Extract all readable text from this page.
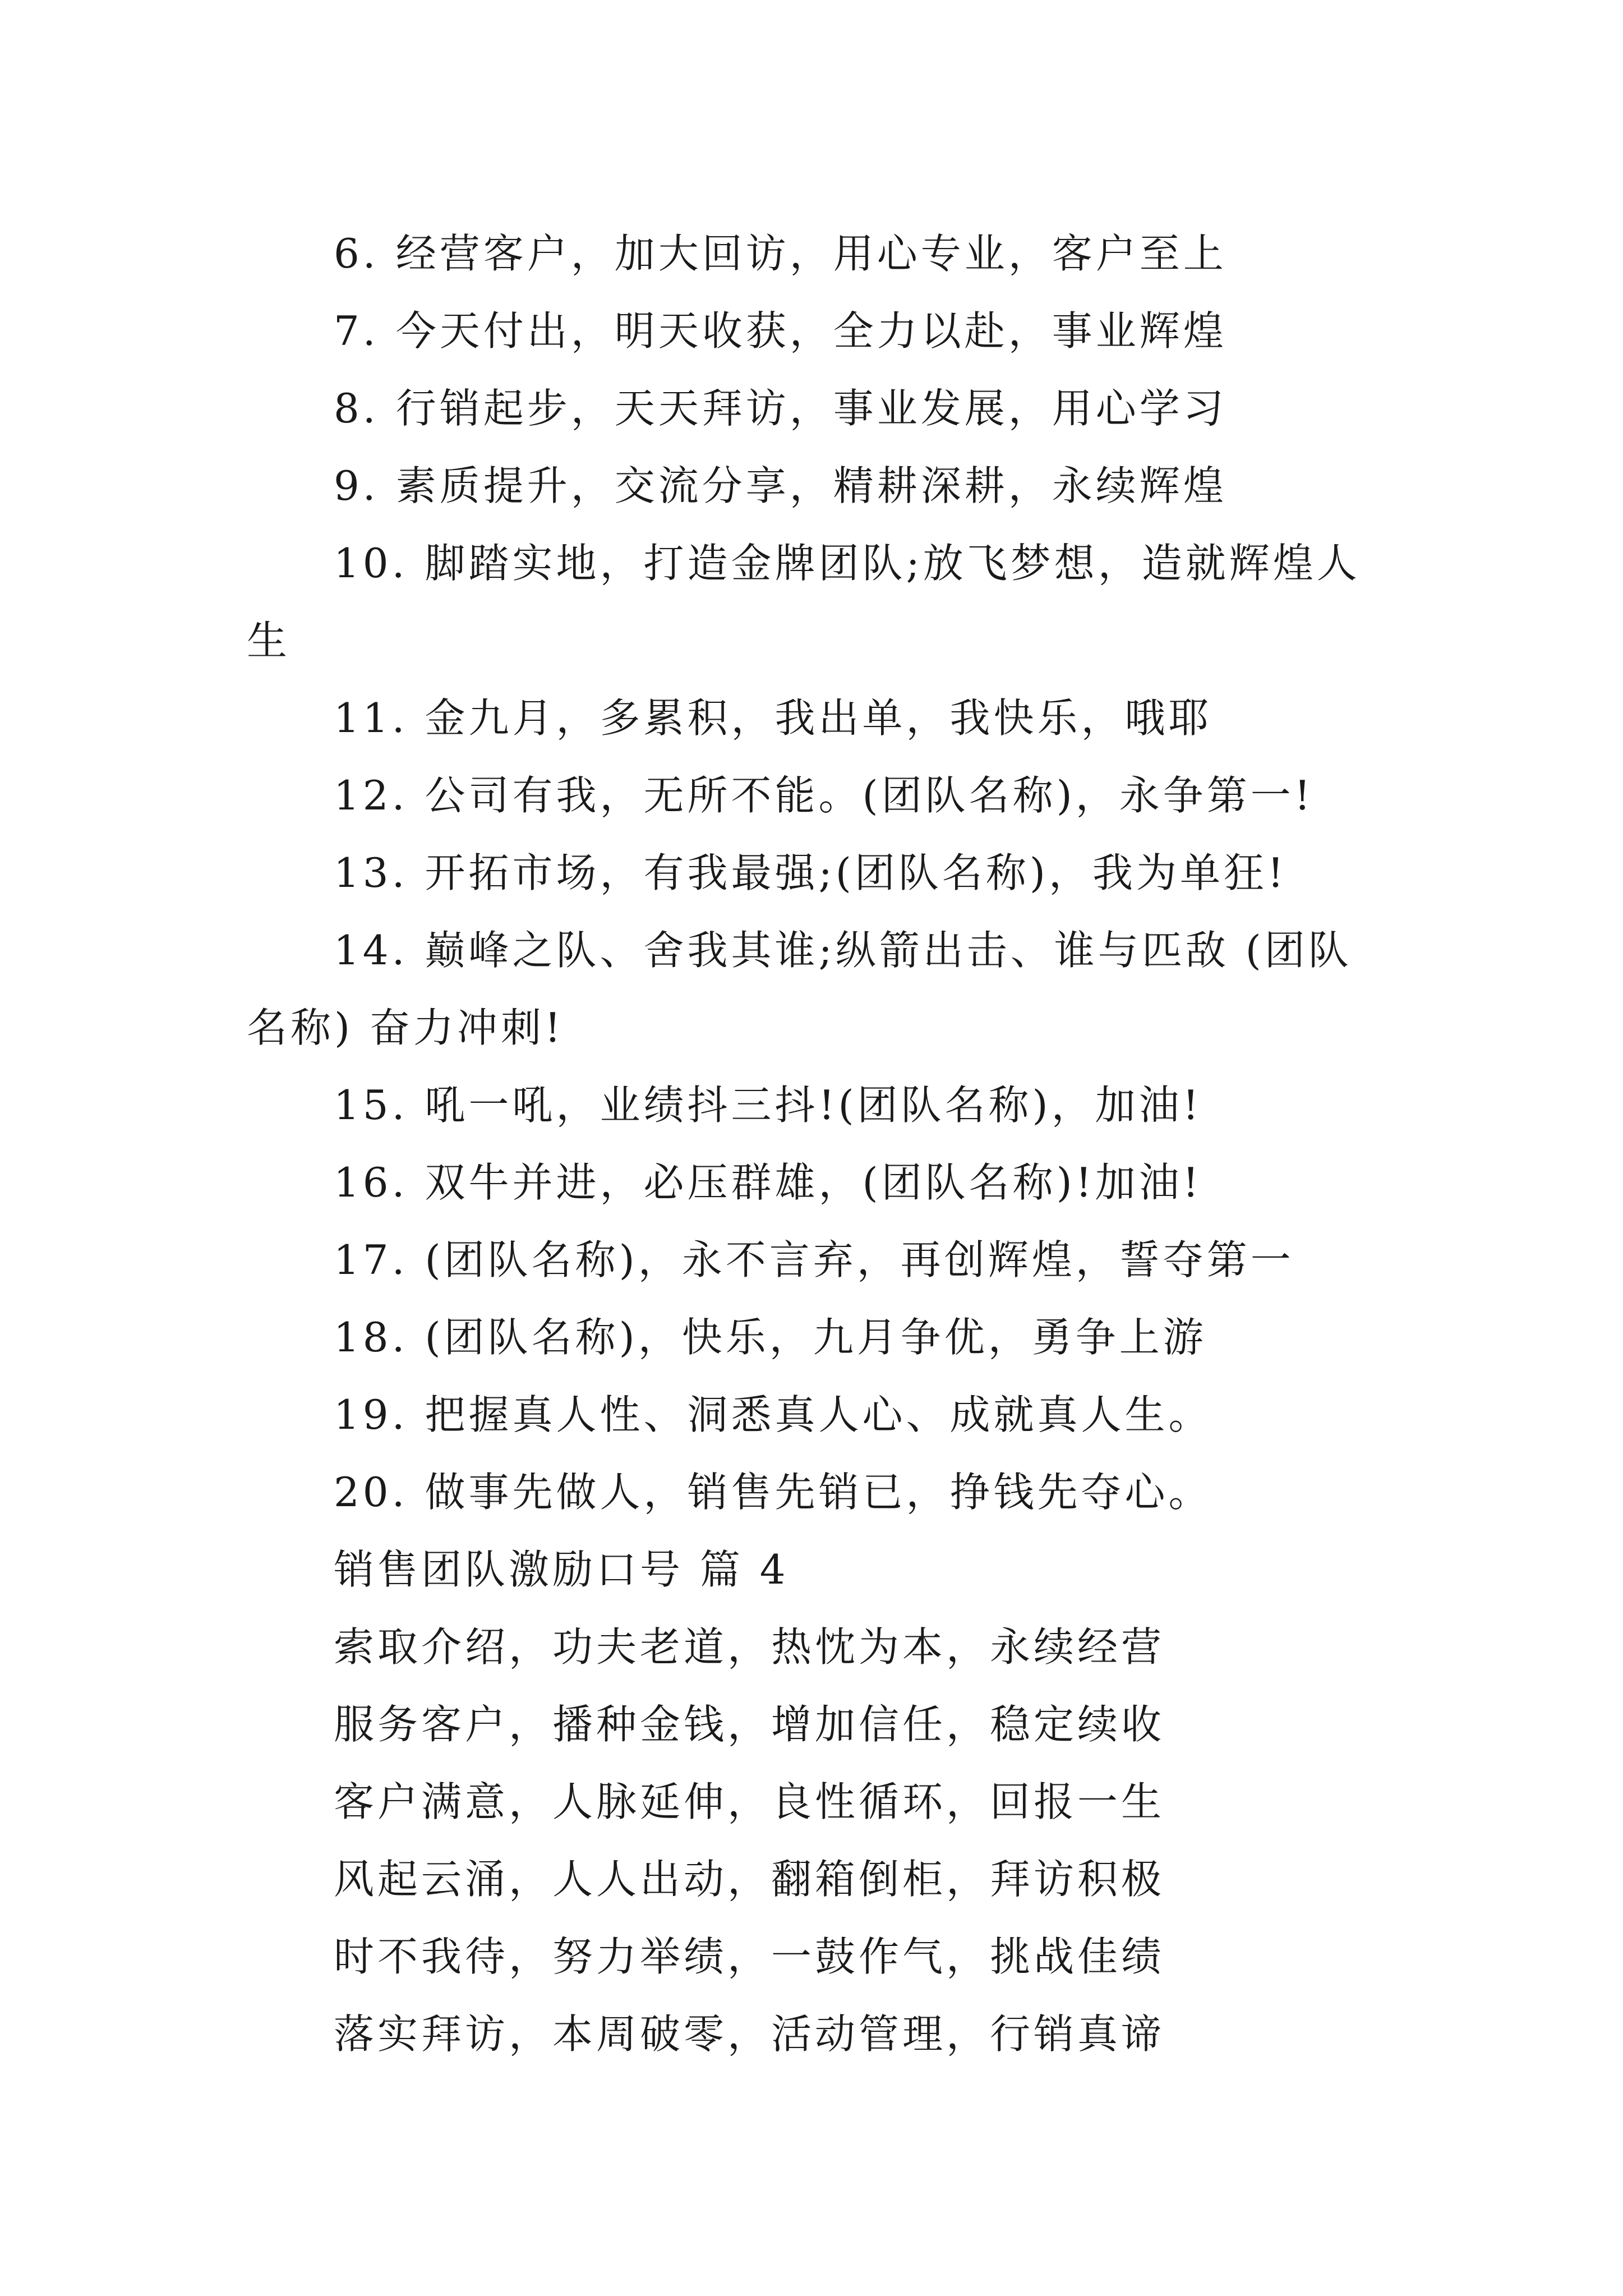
6. 经营客户，加大回访，用心专业，客户至上

7. 今天付出，明天收获，全力以赴，事业辉煌

8. 行销起步，天天拜访，事业发展，用心学习

9. 素质提升，交流分享，精耕深耕，永续辉煌

10. 脚踏实地，打造金牌团队;放飞梦想，造就辉煌人生

11. 金九月，多累积，我出单，我快乐，哦耶

12. 公司有我，无所不能。(团队名称)，永争第一!

13. 开拓市场，有我最强;(团队名称)，我为单狂!

14. 巅峰之队、舍我其谁;纵箭出击、谁与匹敌 (团队名称) 奋力冲刺!

15. 吼一吼，业绩抖三抖!(团队名称)，加油!

16. 双牛并进，必压群雄，(团队名称)!加油!

17. (团队名称)，永不言弃，再创辉煌，誓夺第一

18. (团队名称)，快乐，九月争优，勇争上游

19. 把握真人性、洞悉真人心、成就真人生。

20. 做事先做人，销售先销已，挣钱先夺心。

销售团队激励口号 篇 4

索取介绍，功夫老道，热忱为本，永续经营

服务客户，播种金钱，增加信任，稳定续收

客户满意，人脉延伸，良性循环，回报一生

风起云涌，人人出动，翻箱倒柜，拜访积极

时不我待，努力举绩，一鼓作气，挑战佳绩

落实拜访，本周破零，活动管理，行销真谛
